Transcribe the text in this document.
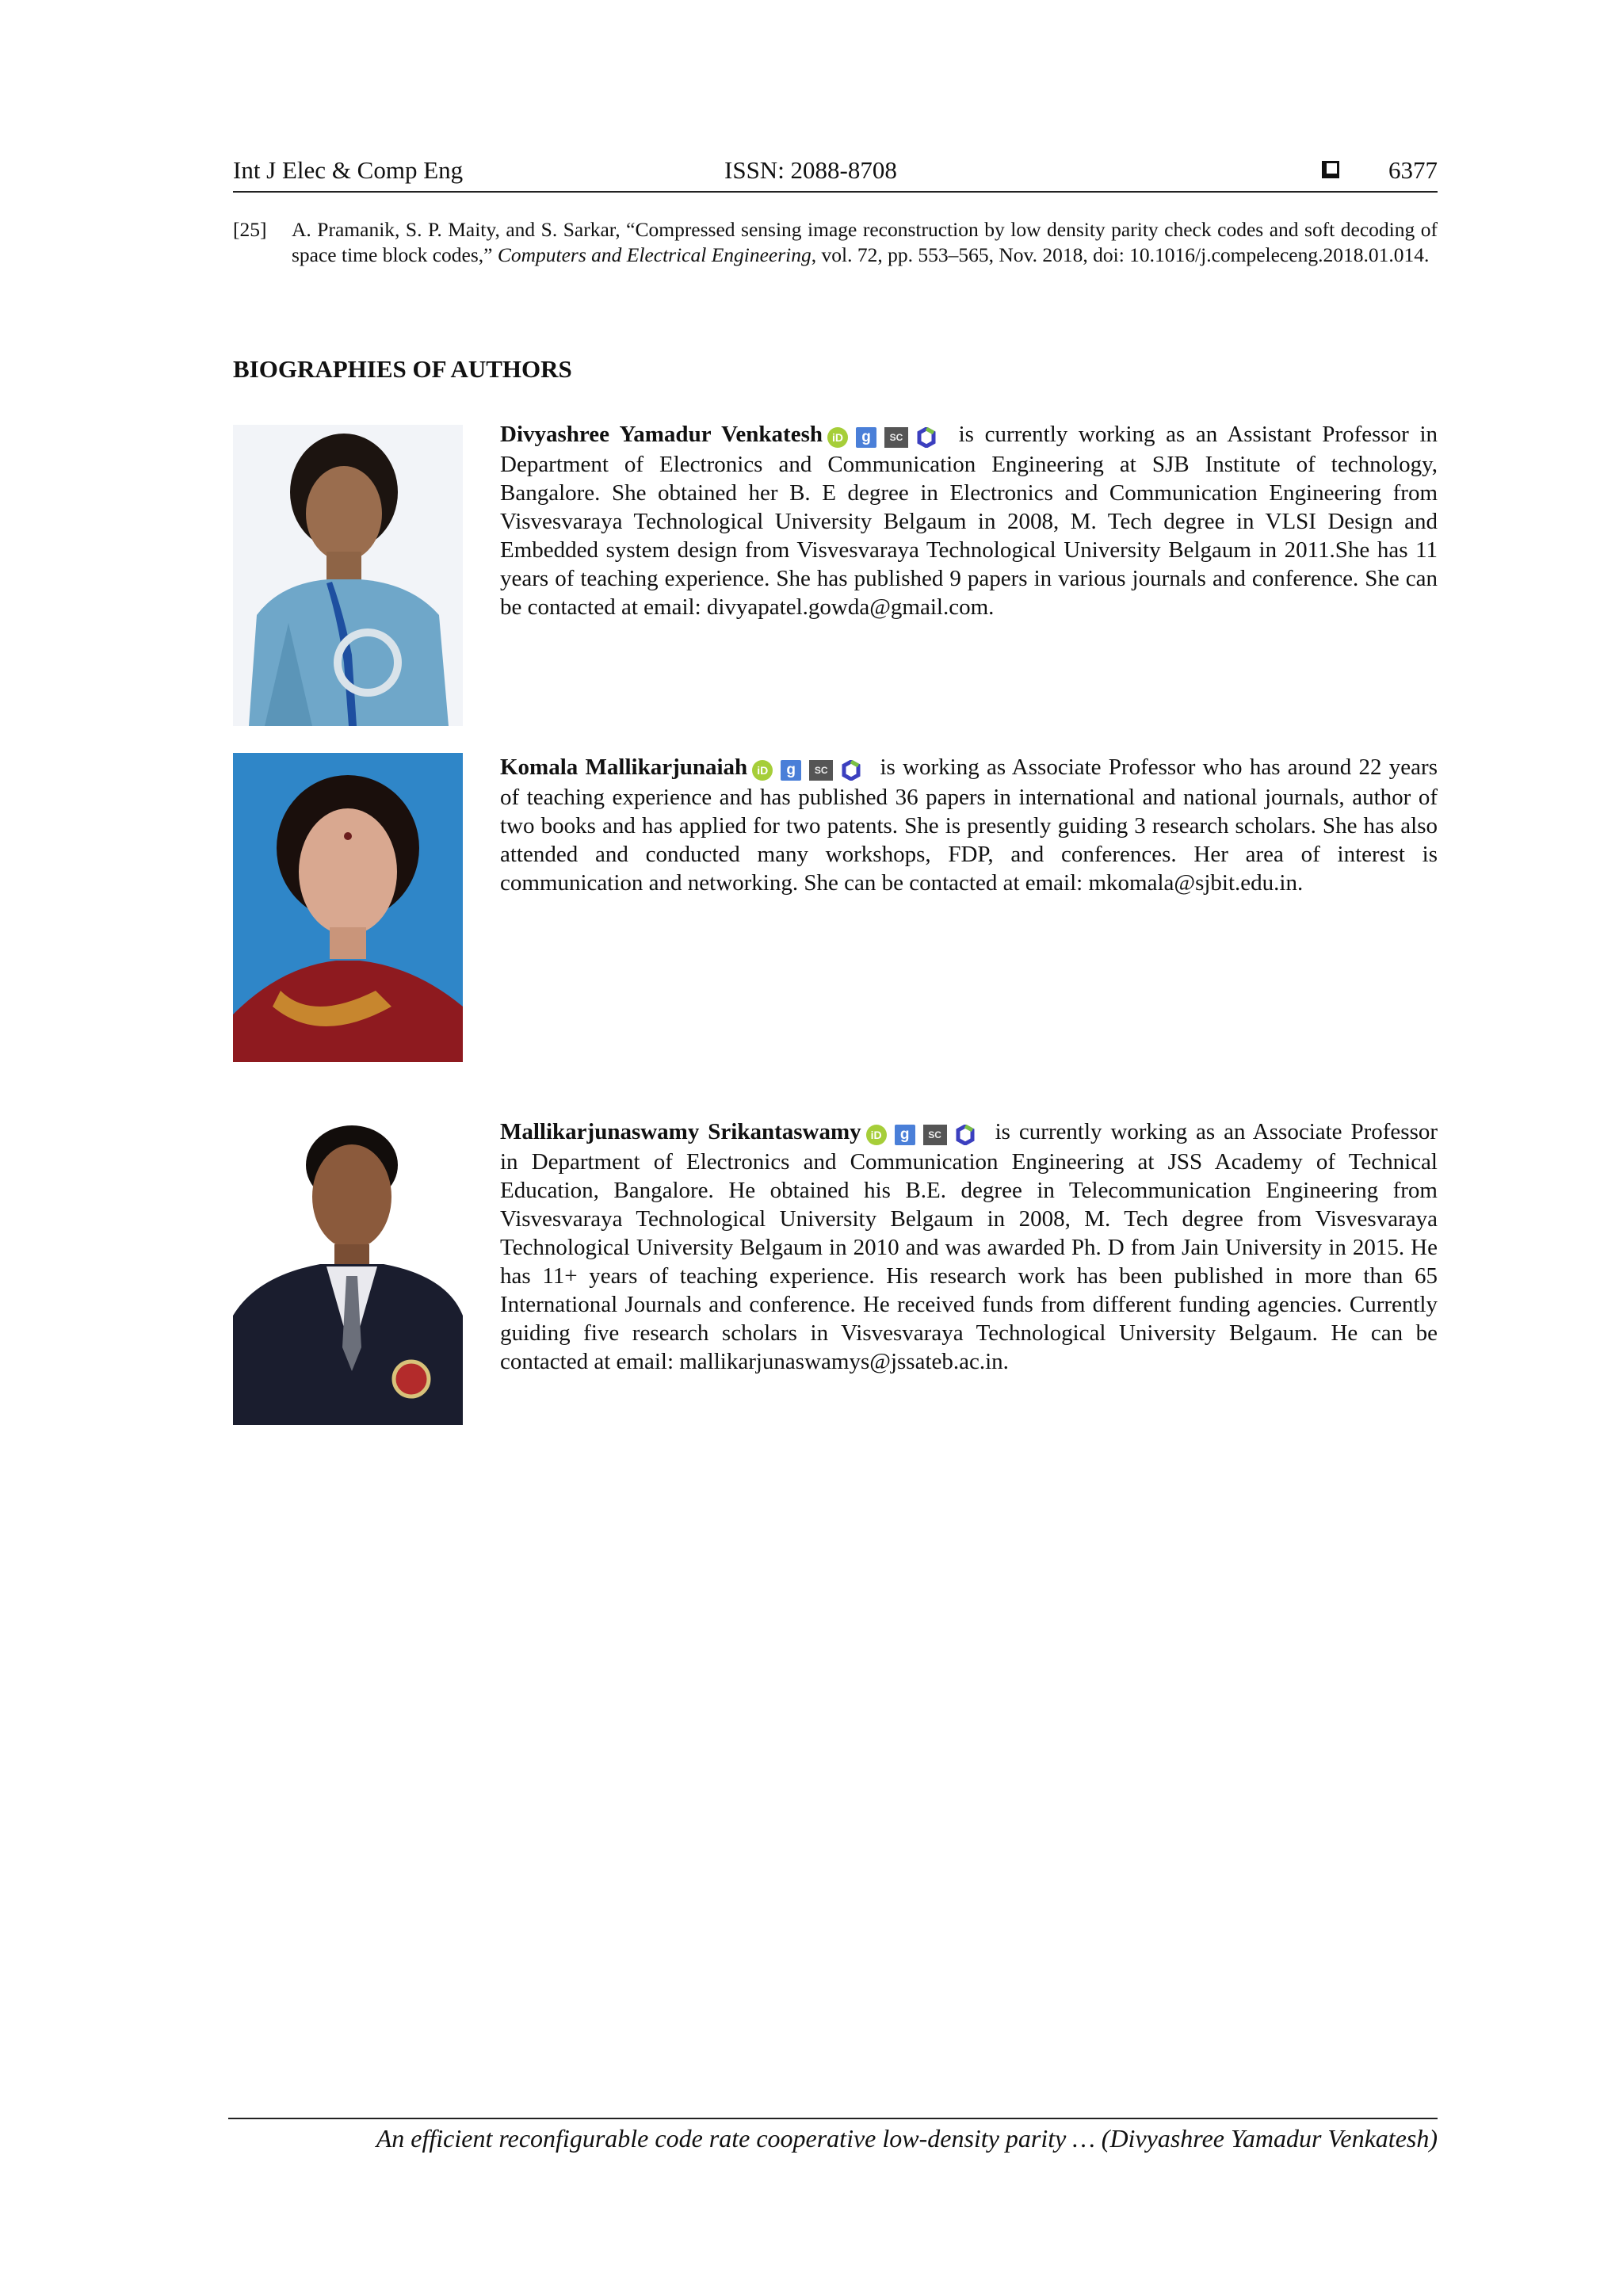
Int J Elec & Comp Eng	ISSN: 2088-8708	6377
[25] A. Pramanik, S. P. Maity, and S. Sarkar, “Compressed sensing image reconstruction by low density parity check codes and soft decoding of space time block codes,” Computers and Electrical Engineering, vol. 72, pp. 553–565, Nov. 2018, doi: 10.1016/j.compeleceng.2018.01.014.
BIOGRAPHIES OF AUTHORS
Divyashree Yamadur Venkatesh iD g SC is currently working as an Assistant Professor in Department of Electronics and Communication Engineering at SJB Institute of technology, Bangalore. She obtained her B. E degree in Electronics and Communication Engineering from Visvesvaraya Technological University Belgaum in 2008, M. Tech degree in VLSI Design and Embedded system design from Visvesvaraya Technological University Belgaum in 2011.She has 11 years of teaching experience. She has published 9 papers in various journals and conference. She can be contacted at email: divyapatel.gowda@gmail.com.
Komala Mallikarjunaiah iD g SC is working as Associate Professor who has around 22 years of teaching experience and has published 36 papers in international and national journals, author of two books and has applied for two patents. She is presently guiding 3 research scholars. She has also attended and conducted many workshops, FDP, and conferences. Her area of interest is communication and networking. She can be contacted at email: mkomala@sjbit.edu.in.
Mallikarjunaswamy Srikantaswamy iD g SC is currently working as an Associate Professor in Department of Electronics and Communication Engineering at JSS Academy of Technical Education, Bangalore. He obtained his B.E. degree in Telecommunication Engineering from Visvesvaraya Technological University Belgaum in 2008, M. Tech degree from Visvesvaraya Technological University Belgaum in 2010 and was awarded Ph. D from Jain University in 2015. He has 11+ years of teaching experience. His research work has been published in more than 65 International Journals and conference. He received funds from different funding agencies. Currently guiding five research scholars in Visvesvaraya Technological University Belgaum. He can be contacted at email: mallikarjunaswamys@jssateb.ac.in.
An efficient reconfigurable code rate cooperative low-density parity … (Divyashree Yamadur Venkatesh)
